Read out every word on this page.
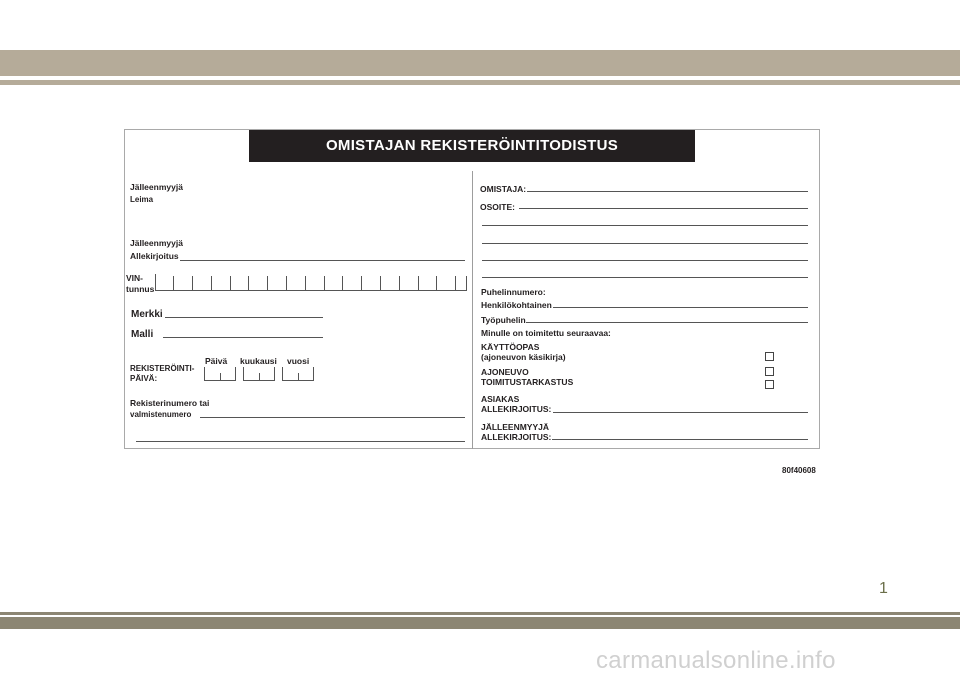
OMISTAJAN REKISTERÖINTITODISTUS
Jälleenmyyjä
Leima
Jälleenmyyjä
Allekirjoitus
VIN-
tunnus
Merkki
Malli
REKISTERÖINTI-
PÄIVÄ:
Päivä kuukausi vuosi
Rekisterinumero tai
valmistenumero
OMISTAJA:
OSOITE:
Puhelinnumero:
Henkilökohtainen
Työpuhelin
Minulle on toimitettu seuraavaa:
KÄYTTÖOPAS
(ajoneuvon käsikirja)
AJONEUVO
TOIMITUSTARKASTUS
ASIAKAS
ALLEKIRJOITUS:
JÄLLEENMYYJÄ
ALLEKIRJOITUS:
80f40608
1
carmanualsonline.info
